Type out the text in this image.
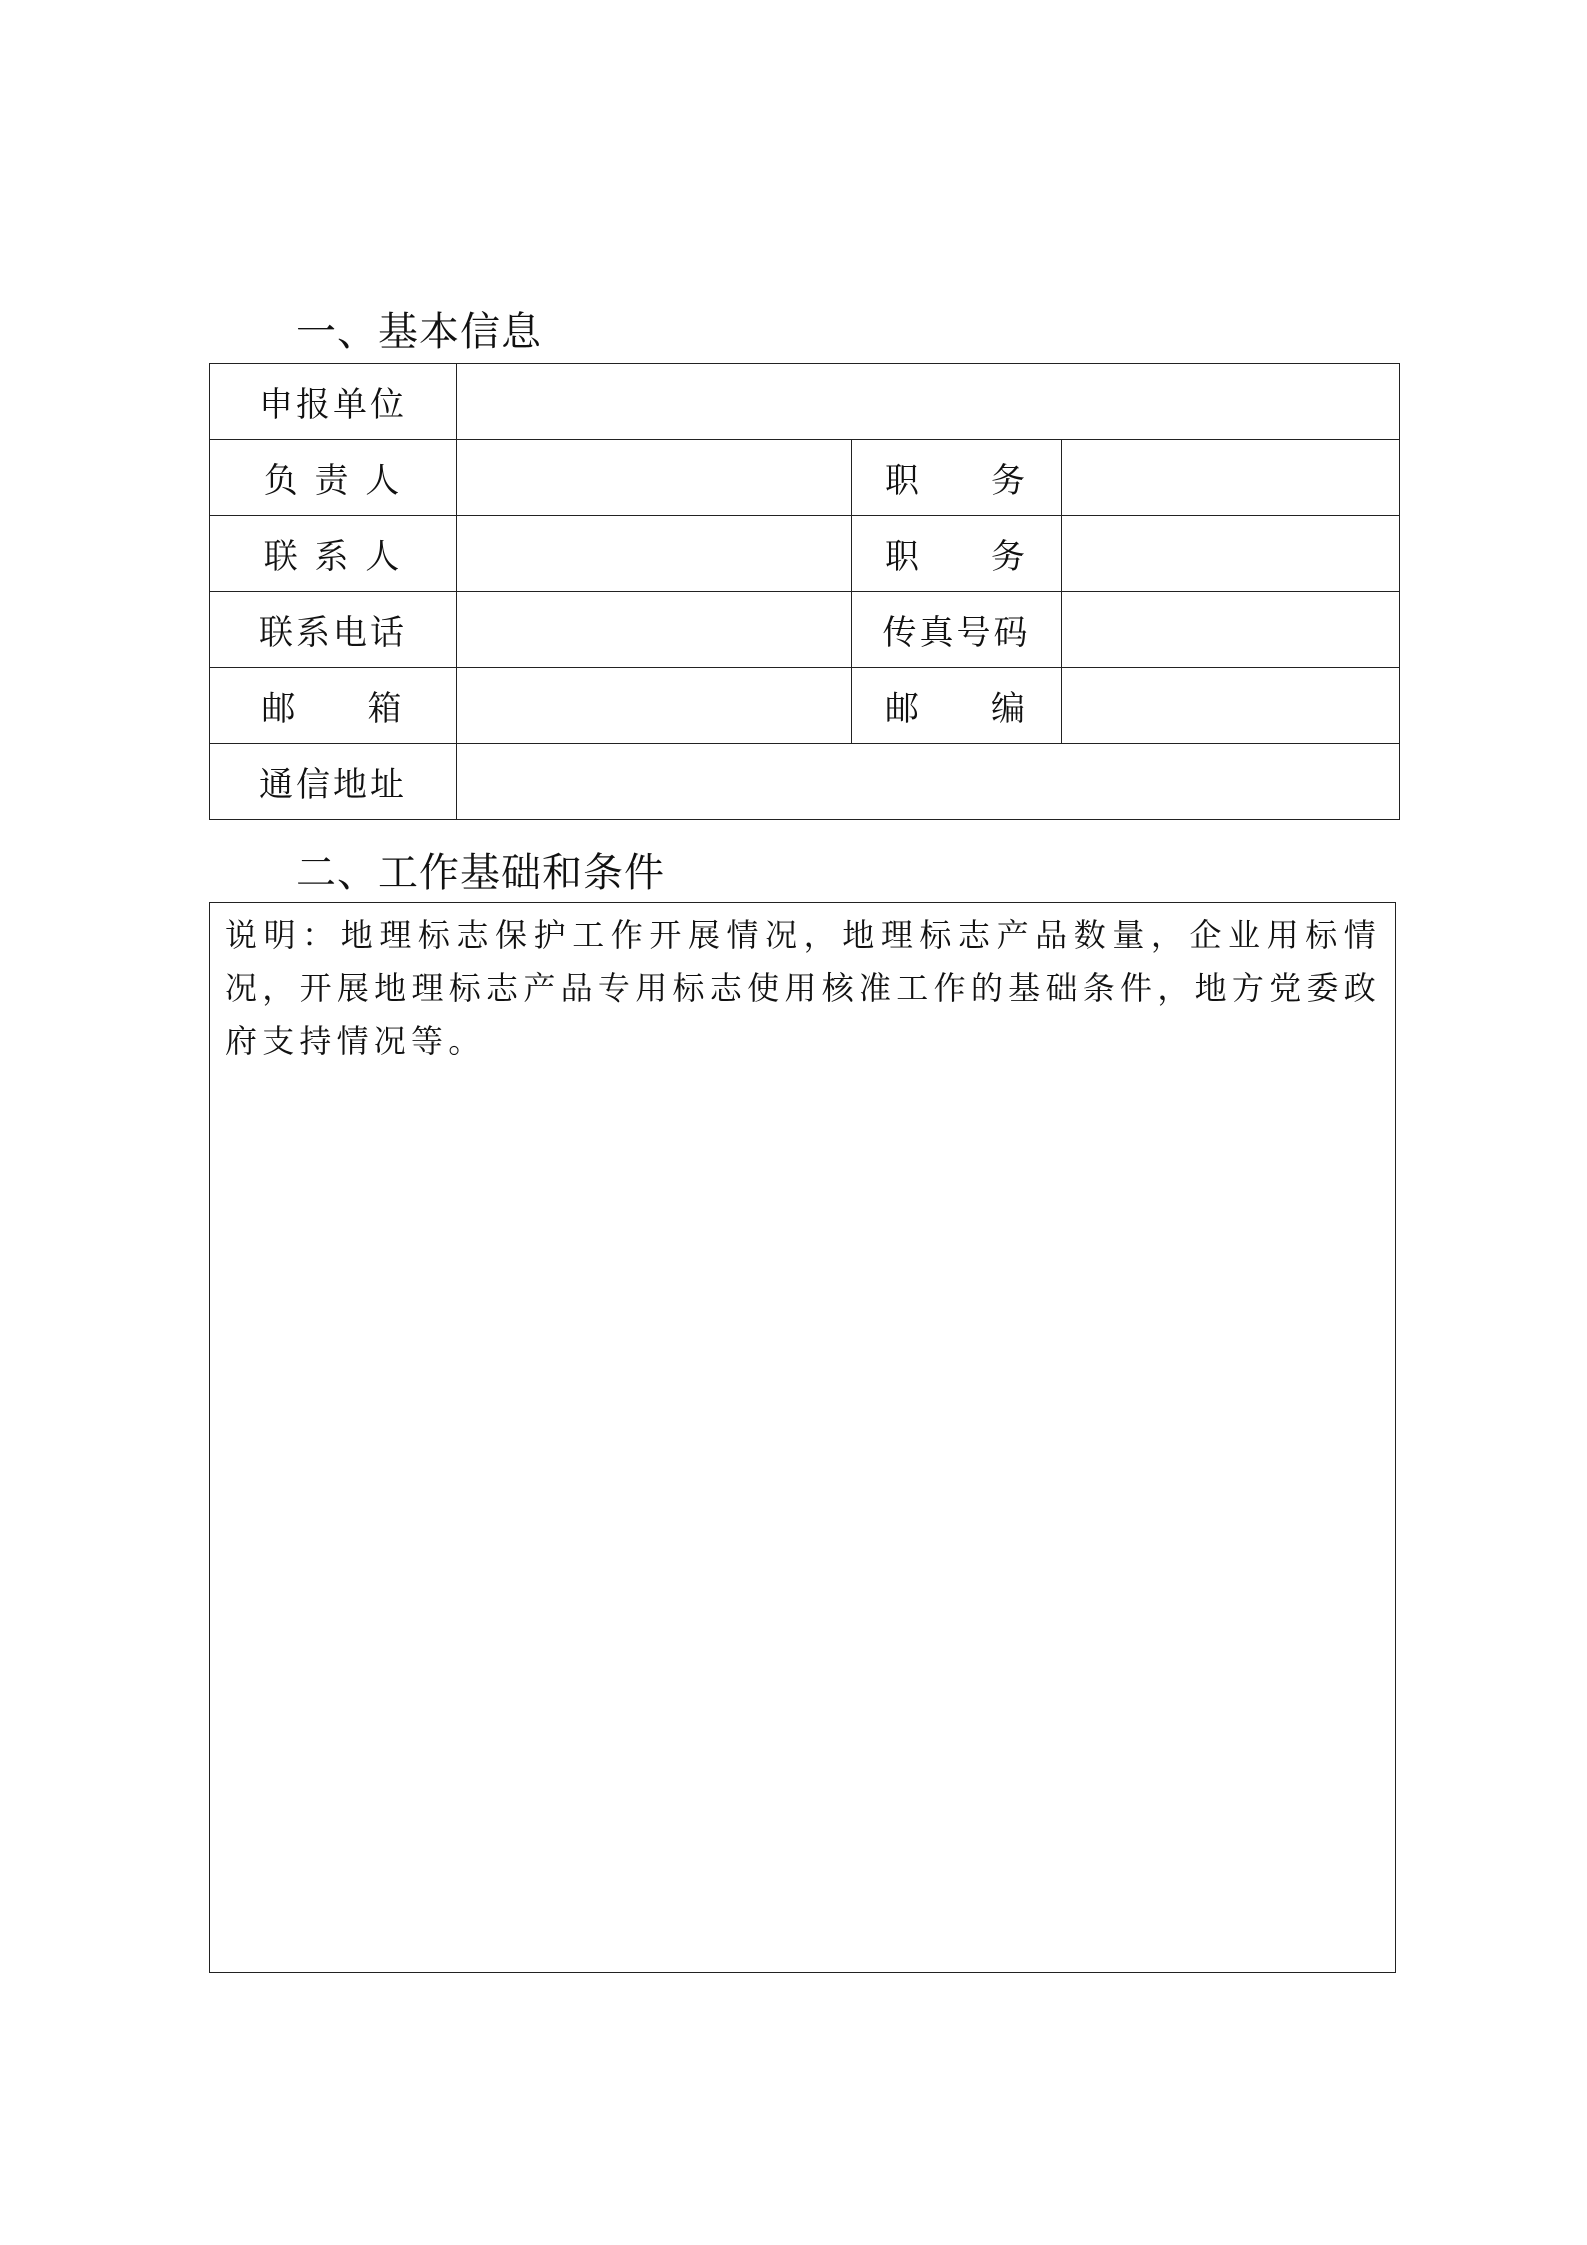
一、基本信息
申报单位			
负 责 人		职     务	
联 系 人		职     务	
联系电话		传真号码	
邮     箱		邮     编	
通信地址			
二、工作基础和条件

说明：地理标志保护工作开展情况，地理标志产品数量，企业用标情况，开展地理标志产品专用标志使用核准工作的基础条件，地方党委政府支持情况等。
